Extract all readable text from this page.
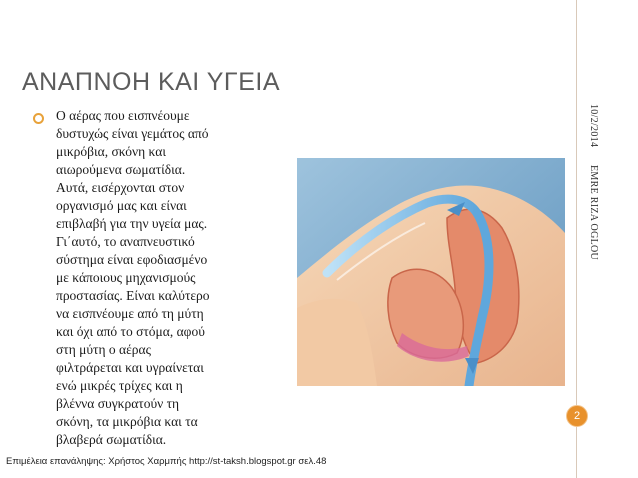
ΑΝΑΠΝΟΗ ΚΑΙ ΥΓΕΙΑ
Ο αέρας που εισπνέουμε
δυστυχώς είναι γεμάτος από
μικρόβια, σκόνη και
αιωρούμενα σωματίδια.
Αυτά, εισέρχονται στον
οργανισμό μας και είναι
επιβλαβή για την υγεία μας.
Γι΄αυτό, το αναπνευστικό
σύστημα είναι εφοδιασμένο
με κάποιους μηχανισμούς
προστασίας. Είναι καλύτερο
να εισπνέουμε από τη μύτη
και όχι από το στόμα, αφού
στη μύτη ο αέρας
φιλτράρεται και υγραίνεται
ενώ μικρές τρίχες και η
βλέννα συγκρατούν τη
σκόνη, τα μικρόβια και τα
βλαβερά σωματίδια.
10/2/2014
EMRE RIZA OGLOU
2
Επιμέλεια επανάληψης: Χρήστος Χαρμπής http://st-taksh.blogspot.gr σελ.48
